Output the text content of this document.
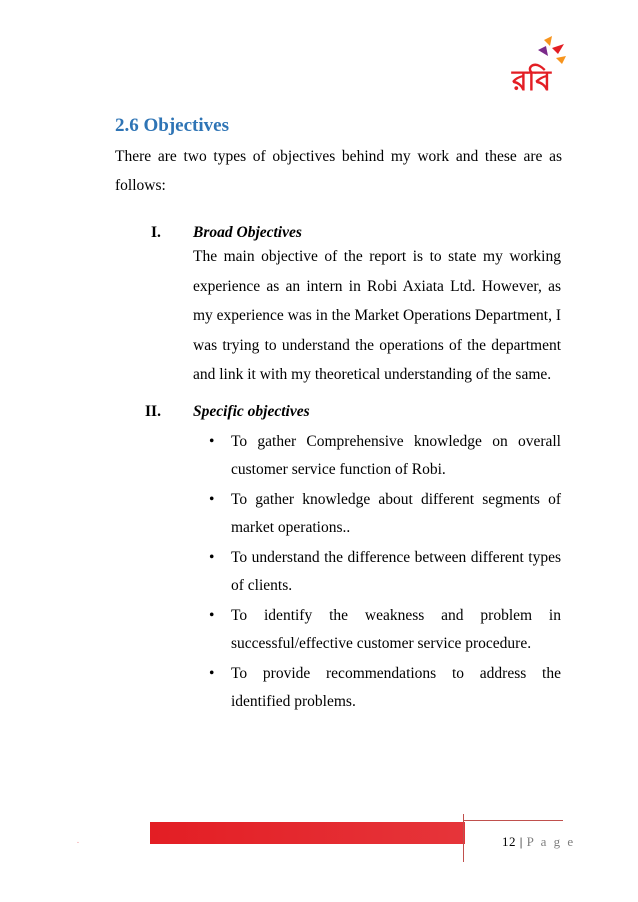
রবি
2.6 Objectives

There are two types of objectives behind my work and these are as follows:

I. Broad Objectives

The main objective of the report is to state my working experience as an intern in Robi Axiata Ltd. However, as my experience was in the Market Operations Department, I was trying to understand the operations of the department and link it with my theoretical understanding of the same.

II. Specific objectives
• To gather Comprehensive knowledge on overall customer service function of Robi.
• To gather knowledge about different segments of market operations..
• To understand the difference between different types of clients.
• To identify the weakness and problem in successful/effective customer service procedure.
• To provide recommendations to address the identified problems.
রবি
an axiata company
12 | P a g e
